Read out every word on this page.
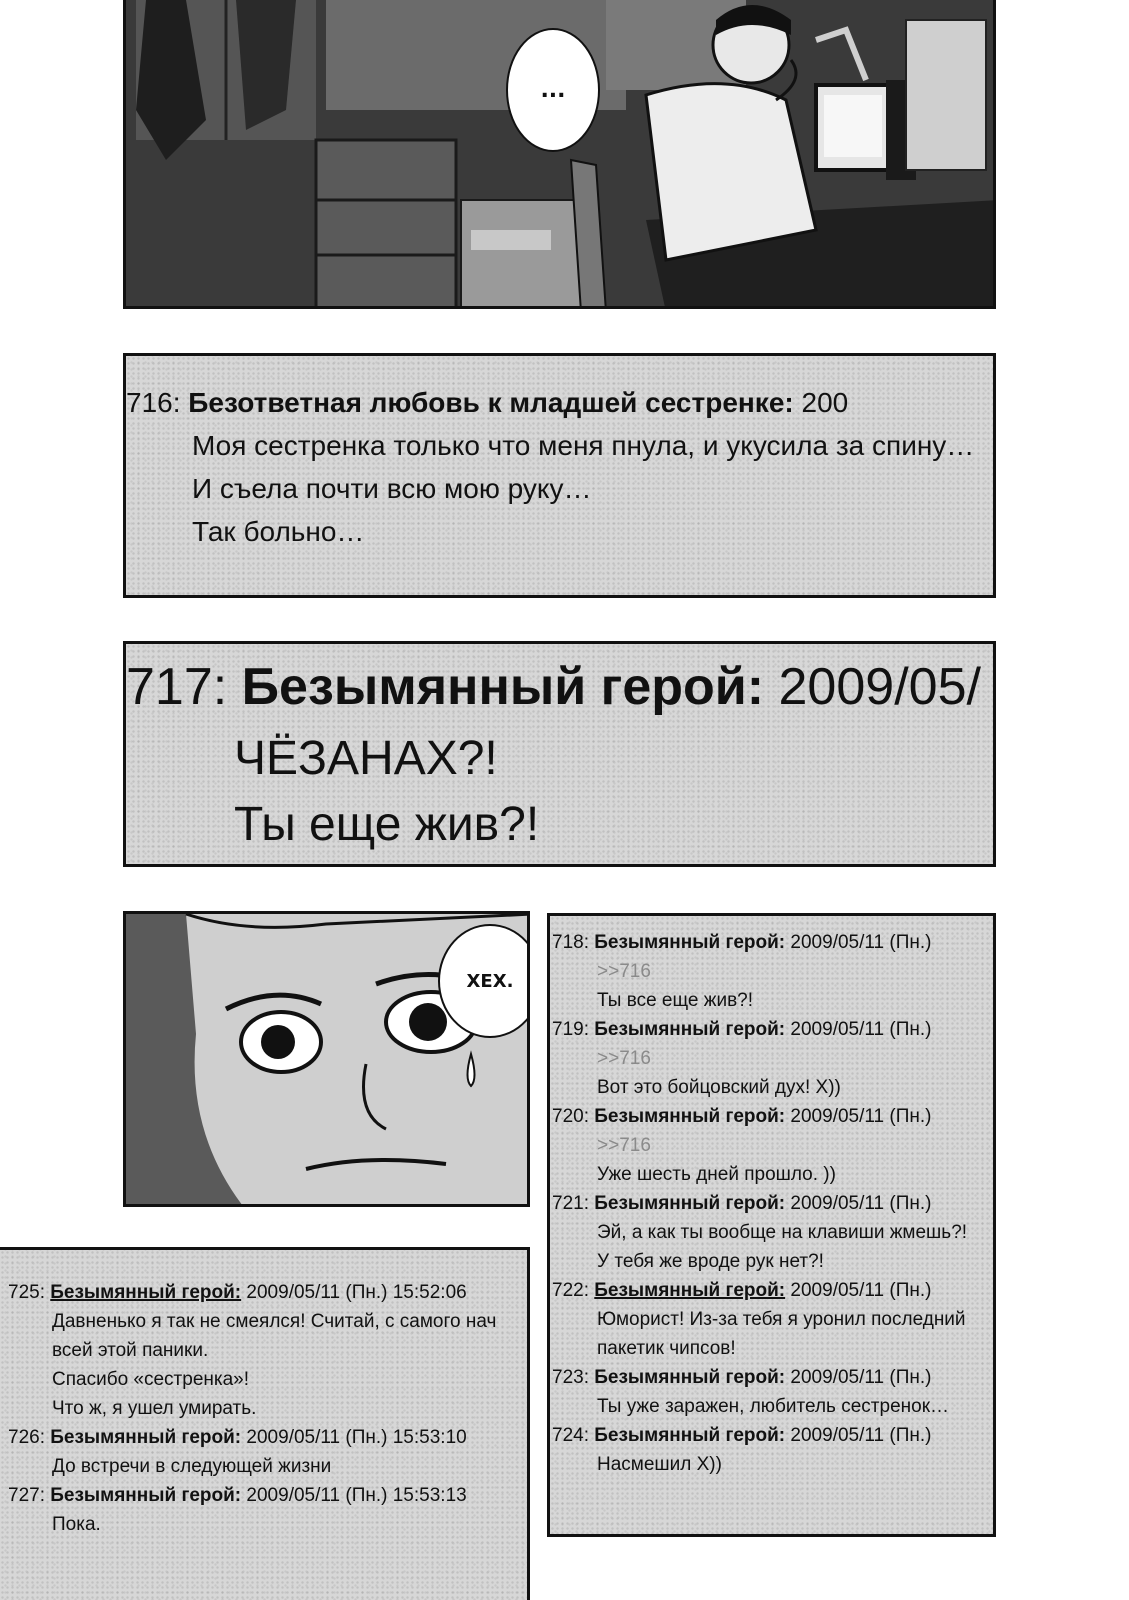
...
716: Безответная любовь к младшей сестренке: 200
Моя сестренка только что меня пнула, и укусила за спину…
И съела почти всю мою руку…
Так больно…
717: Безымянный герой: 2009/05/
ЧЁЗАНАХ?!
Ты еще жив?!
ХЕХ.
718: Безымянный герой: 2009/05/11 (Пн.)
>>716
Ты все еще жив?!
719: Безымянный герой: 2009/05/11 (Пн.)
>>716
Вот это бойцовский дух! X))
720: Безымянный герой: 2009/05/11 (Пн.)
>>716
Уже шесть дней прошло. ))
721: Безымянный герой: 2009/05/11 (Пн.)
Эй, а как ты вообще на клавиши жмешь?!
У тебя же вроде рук нет?!
722: Безымянный герой: 2009/05/11 (Пн.)
Юморист! Из-за тебя я уронил последний
пакетик чипсов!
723: Безымянный герой: 2009/05/11 (Пн.)
Ты уже заражен, любитель сестренок…
724: Безымянный герой: 2009/05/11 (Пн.)
Насмешил X))
725: Безымянный герой: 2009/05/11 (Пн.) 15:52:06
Давненько я так не смеялся! Считай, с самого нач
всей этой паники.
Спасибо «сестренка»!
Что ж, я ушел умирать.
726: Безымянный герой: 2009/05/11 (Пн.) 15:53:10
До встречи в следующей жизни
727: Безымянный герой: 2009/05/11 (Пн.) 15:53:13
Пока.
